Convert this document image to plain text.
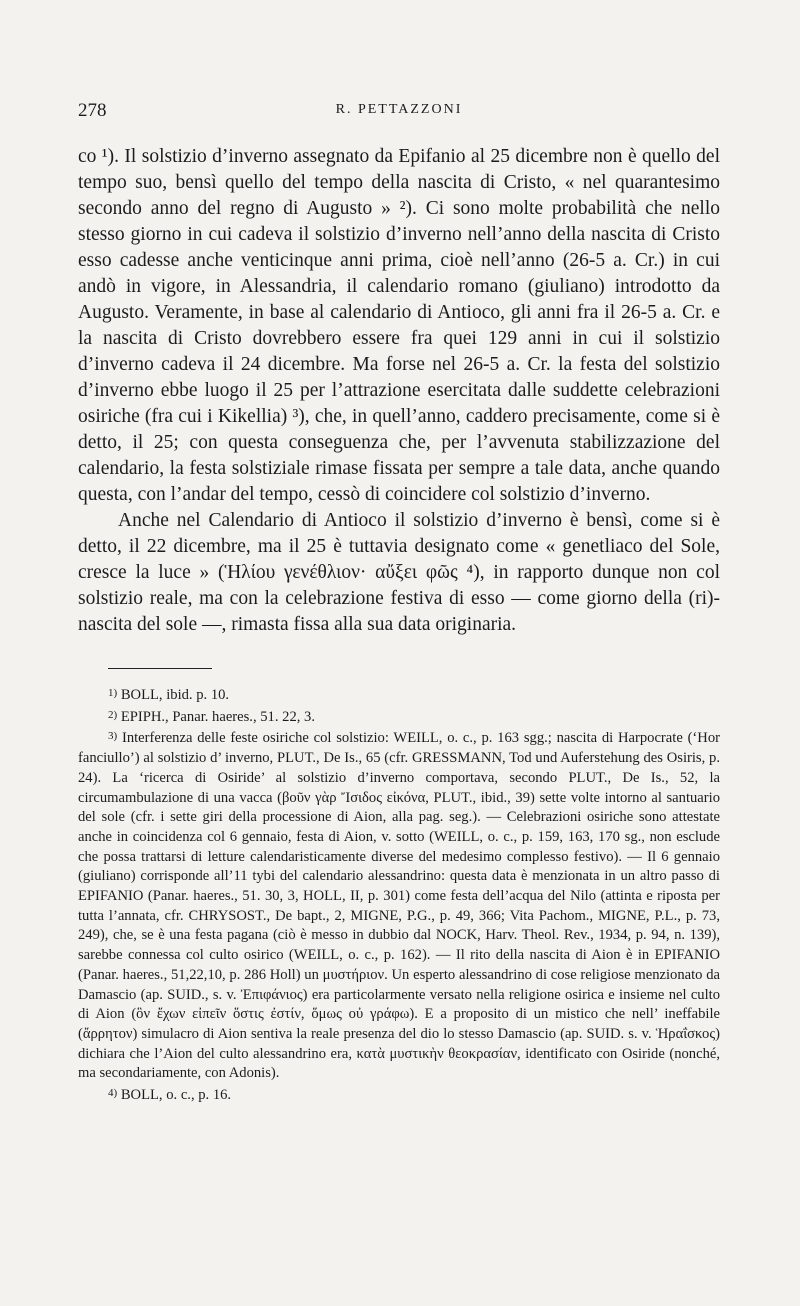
278	R. PETTAZZONI

co ¹). Il solstizio d’inverno assegnato da Epifanio al 25 dicembre non è quello del tempo suo, bensì quello del tempo della nascita di Cristo, « nel quarantesimo secondo anno del regno di Augusto » ²). Ci sono molte probabilità che nello stesso giorno in cui cadeva il solstizio d’inverno nell’anno della nascita di Cristo esso cadesse anche venticinque anni prima, cioè nell’anno (26-5 a. Cr.) in cui andò in vigore, in Alessandria, il calendario romano (giuliano) introdotto da Augusto. Veramente, in base al calendario di Antioco, gli anni fra il 26-5 a. Cr. e la nascita di Cristo dovrebbero essere fra quei 129 anni in cui il solstizio d’inverno cadeva il 24 dicembre. Ma forse nel 26-5 a. Cr. la festa del solstizio d’inverno ebbe luogo il 25 per l’attrazione esercitata dalle suddette celebrazioni osiriche (fra cui i Kikellia) ³), che, in quell’anno, caddero precisamente, come si è detto, il 25; con questa conseguenza che, per l’avvenuta stabilizzazione del calendario, la festa solstiziale rimase fissata per sempre a tale data, anche quando questa, con l’andar del tempo, cessò di coincidere col solstizio d’inverno.

Anche nel Calendario di Antioco il solstizio d’inverno è bensì, come si è detto, il 22 dicembre, ma il 25 è tuttavia designato come « genetliaco del Sole, cresce la luce » (Ἡλίου γενέθλιον· αὔξει φῶς ⁴), in rapporto dunque non col solstizio reale, ma con la celebrazione festiva di esso — come giorno della (ri)-nascita del sole —, rimasta fissa alla sua data originaria.

$^{1)}$ BOLL, ibid. p. 10.

$^{2)}$ EPIPH., Panar. haeres., 51. 22, 3.

$^{3)}$ Interferenza delle feste osiriche col solstizio: WEILL, o. c., p. 163 sgg.; nascita di Harpocrate (‘Hor fanciullo’) al solstizio d’ inverno, PLUT., De Is., 65 (cfr. GRESSMANN, Tod und Auferstehung des Osiris, p. 24). La ‘ricerca di Osiride’ al solstizio d’inverno comportava, secondo PLUT., De Is., 52, la circumambulazione di una vacca (βοῦν γὰρ Ἴσιδος εἰκόνα, PLUT., ibid., 39) sette volte intorno al santuario del sole (cfr. i sette giri della processione di Aion, alla pag. seg.). — Celebrazioni osiriche sono attestate anche in coincidenza col 6 gennaio, festa di Aion, v. sotto (WEILL, o. c., p. 159, 163, 170 sg., non esclude che possa trattarsi di letture calendaristicamente diverse del medesimo complesso festivo). — Il 6 gennaio (giuliano) corrisponde all’11 tybi del calendario alessandrino: questa data è menzionata in un altro passo di EPIFANIO (Panar. haeres., 51. 30, 3, HOLL, II, p. 301) come festa dell’acqua del Nilo (attinta e riposta per tutta l’annata, cfr. CHRYSOST., De bapt., 2, MIGNE, P.G., p. 49, 366; Vita Pachom., MIGNE, P.L., p. 73, 249), che, se è una festa pagana (ciò è messo in dubbio dal NOCK, Harv. Theol. Rev., 1934, p. 94, n. 139), sarebbe connessa col culto osirico (WEILL, o. c., p. 162). — Il rito della nascita di Aion è in EPIFANIO (Panar. haeres., 51,22,10, p. 286 Holl) un μυστήριον. Un esperto alessandrino di cose religiose menzionato da Damascio (ap. SUID., s. v. Ἐπιφάνιος) era particolarmente versato nella religione osirica e insieme nel culto di Aion (ὃν ἔχων εἰπεῖν ὅστις ἐστίν, ὅμως οὐ γράφω). E a proposito di un mistico che nell’ ineffabile (ἄρρητον) simulacro di Aion sentiva la reale presenza del dio lo stesso Damascio (ap. SUID. s. v. Ἡραΐσκος) dichiara che l’Aion del culto alessandrino era, κατὰ μυστικὴν θεοκρασίαν, identificato con Osiride (nonché, ma secondariamente, con Adonis).

$^{4)}$ BOLL, o. c., p. 16.
